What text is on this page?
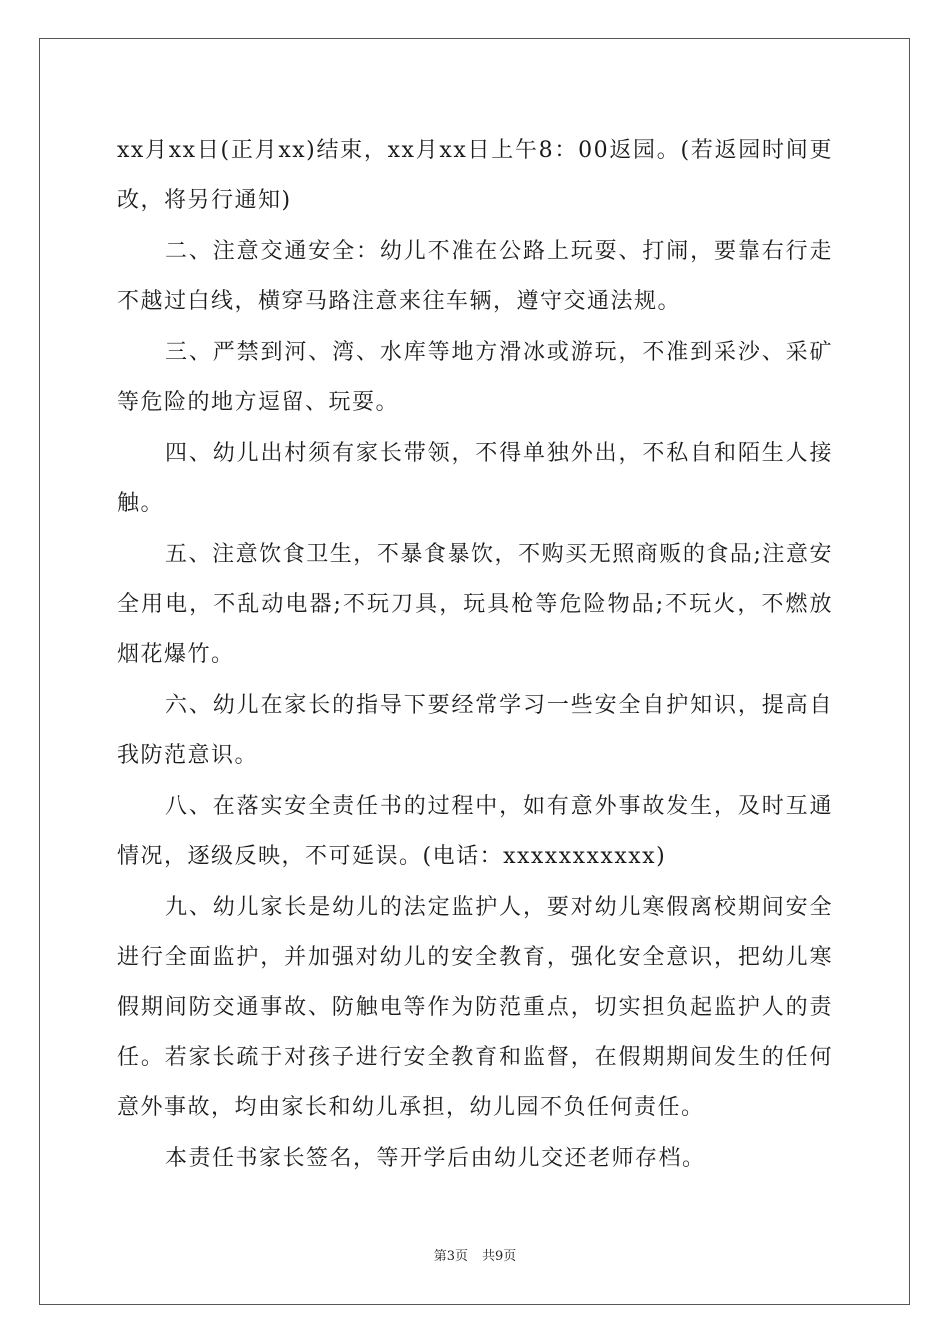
xx月xx日(正月xx)结束，xx月xx日上午8：00返园。(若返园时间更改，将另行通知)

二、注意交通安全：幼儿不准在公路上玩耍、打闹，要靠右行走不越过白线，横穿马路注意来往车辆，遵守交通法规。

三、严禁到河、湾、水库等地方滑冰或游玩，不准到采沙、采矿等危险的地方逗留、玩耍。

四、幼儿出村须有家长带领，不得单独外出，不私自和陌生人接触。

五、注意饮食卫生，不暴食暴饮，不购买无照商贩的食品;注意安全用电，不乱动电器;不玩刀具，玩具枪等危险物品;不玩火，不燃放烟花爆竹。

六、幼儿在家长的指导下要经常学习一些安全自护知识，提高自我防范意识。

八、在落实安全责任书的过程中，如有意外事故发生，及时互通情况，逐级反映，不可延误。(电话：xxxxxxxxxxx)

九、幼儿家长是幼儿的法定监护人，要对幼儿寒假离校期间安全进行全面监护，并加强对幼儿的安全教育，强化安全意识，把幼儿寒假期间防交通事故、防触电等作为防范重点，切实担负起监护人的责任。若家长疏于对孩子进行安全教育和监督，在假期期间发生的任何意外事故，均由家长和幼儿承担，幼儿园不负任何责任。

本责任书家长签名，等开学后由幼儿交还老师存档。

第3页 共9页
